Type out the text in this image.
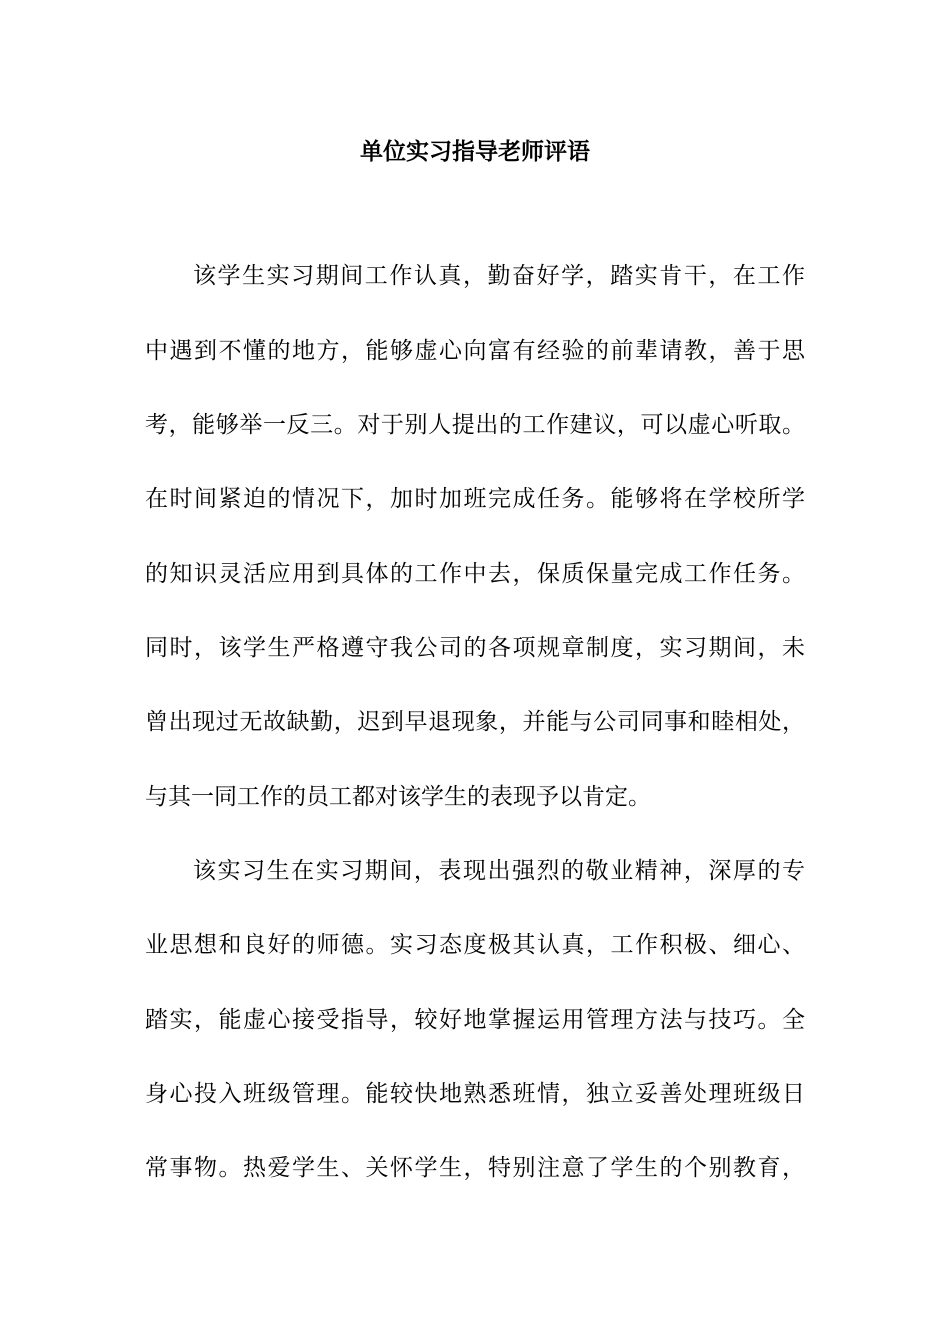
单位实习指导老师评语
该学生实习期间工作认真，勤奋好学，踏实肯干，在工作
中遇到不懂的地方，能够虚心向富有经验的前辈请教，善于思
考，能够举一反三。对于别人提出的工作建议，可以虚心听取。
在时间紧迫的情况下，加时加班完成任务。能够将在学校所学
的知识灵活应用到具体的工作中去，保质保量完成工作任务。
同时，该学生严格遵守我公司的各项规章制度，实习期间，未
曾出现过无故缺勤，迟到早退现象，并能与公司同事和睦相处，
与其一同工作的员工都对该学生的表现予以肯定。
该实习生在实习期间，表现出强烈的敬业精神，深厚的专
业思想和良好的师德。实习态度极其认真，工作积极、细心、
踏实，能虚心接受指导，较好地掌握运用管理方法与技巧。全
身心投入班级管理。能较快地熟悉班情，独立妥善处理班级日
常事物。热爱学生、关怀学生，特别注意了学生的个别教育，
